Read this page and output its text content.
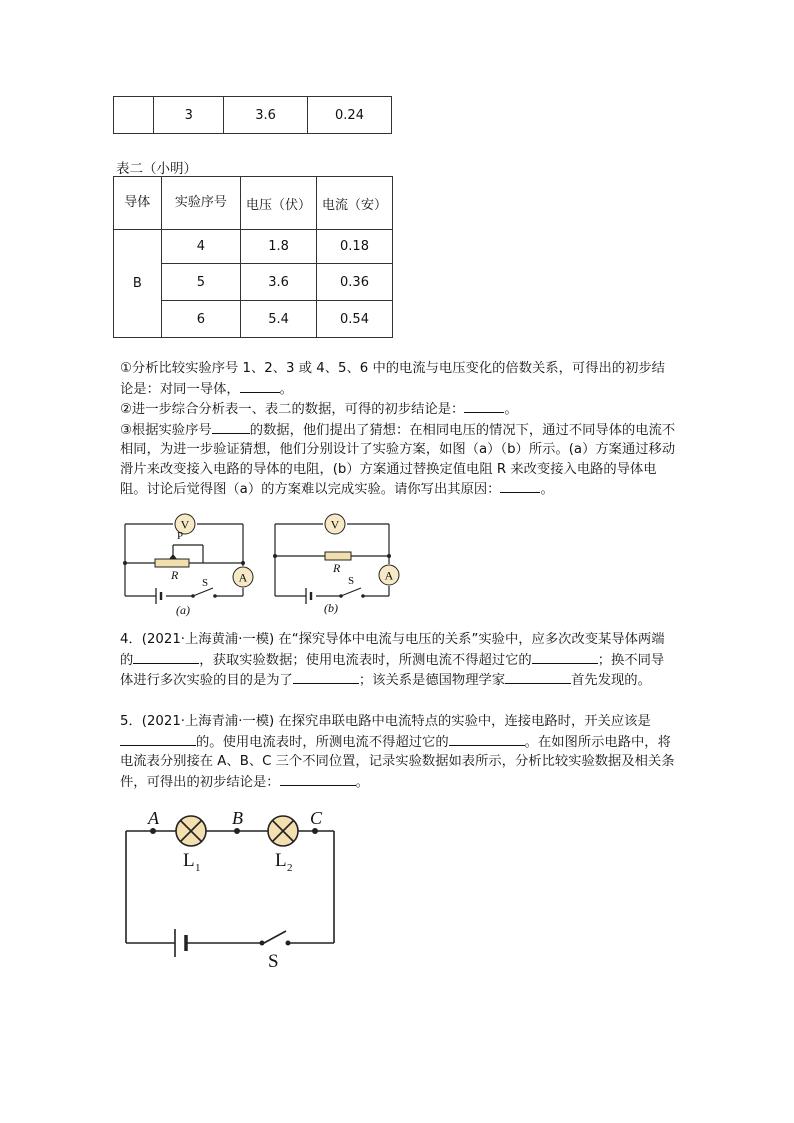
	3	3.6	0.24
表二（小明）
导体	实验序号	电压（伏）	电流（安）
B	4	1.8	0.18
	5	3.6	0.36
	6	5.4	0.54

①分析比较实验序号 1、2、3 或 4、5、6 中的电流与电压变化的倍数关系，可得出的初步结论是：对同一导体，	。

②进一步综合分析表一、表二的数据，可得的初步结论是：	。

③根据实验序号	的数据，他们提出了猜想：在相同电压的情况下，通过不同导体的电流不相同，为进一步验证猜想，他们分别设计了实验方案，如图（a）（b）所示。(a）方案通过移动滑片来改变接入电路的导体的电阻，(b）方案通过替换定值电阻 R 来改变接入电路的导体电阻。讨论后觉得图（a）的方案难以完成实验。请你写出其原因：	。

V
A
V
A
P
R
S
(a)
R
S
(b)

4．(2021·上海黄浦·一模) 在“探究导体中电流与电压的关系”实验中，应多次改变某导体两端的	，获取实验数据；使用电流表时，所测电流不得超过它的	；换不同导体进行多次实验的目的是为了	；该关系是德国物理学家	首先发现的。

5．(2021·上海青浦·一模) 在探究串联电路中电流特点的实验中，连接电路时，开关应该是的。使用电流表时，所测电流不得超过它的	。在如图所示电路中，将电流表分别接在 A、B、C 三个不同位置，记录实验数据如表所示，分析比较实验数据及相关条件，可得出的初步结论是：	。

A	B	C
L 1	L 2
S
